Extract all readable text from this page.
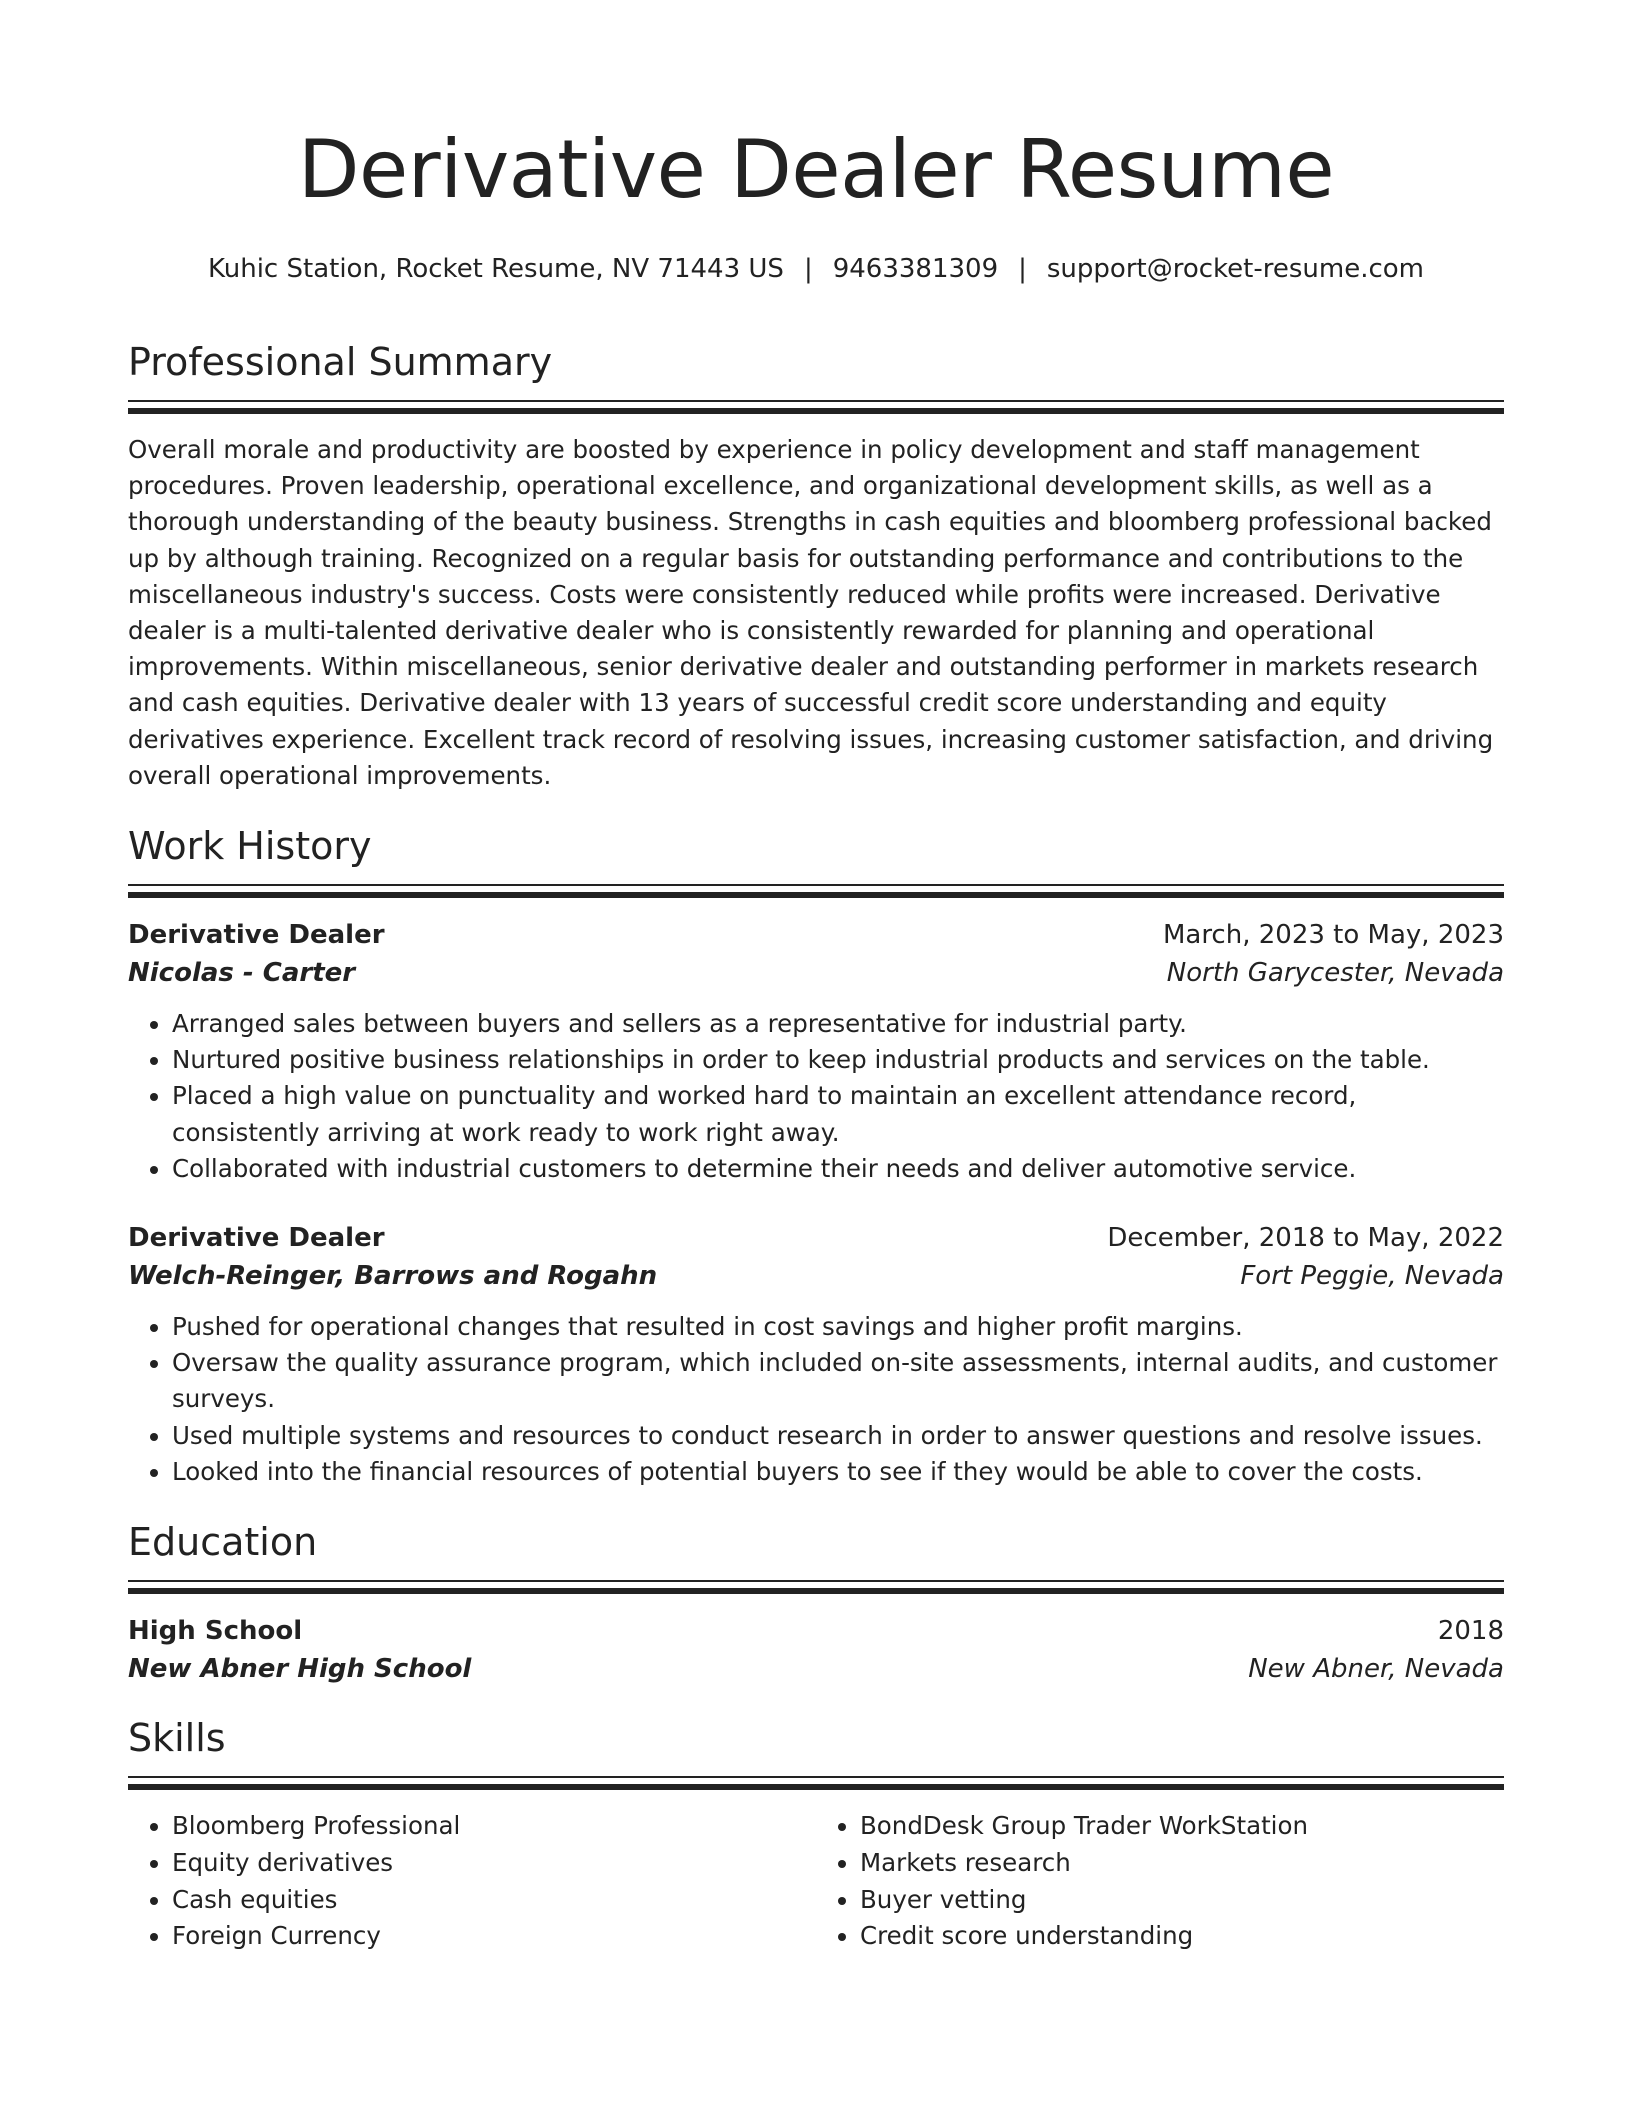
Derivative Dealer Resume
Kuhic Station, Rocket Resume, NV 71443 US | 9463381309 | support@rocket-resume.com
Professional Summary

Overall morale and productivity are boosted by experience in policy development and staff management procedures. Proven leadership, operational excellence, and organizational development skills, as well as a thorough understanding of the beauty business. Strengths in cash equities and bloomberg professional backed up by although training. Recognized on a regular basis for outstanding performance and contributions to the miscellaneous industry's success. Costs were consistently reduced while profits were increased. Derivative dealer is a multi-talented derivative dealer who is consistently rewarded for planning and operational improvements. Within miscellaneous, senior derivative dealer and outstanding performer in markets research and cash equities. Derivative dealer with 13 years of successful credit score understanding and equity derivatives experience. Excellent track record of resolving issues, increasing customer satisfaction, and driving overall operational improvements.

Work History
Derivative Dealer	March, 2023 to May, 2023
Nicolas - Carter	North Garycester, Nevada
• Arranged sales between buyers and sellers as a representative for industrial party.
• Nurtured positive business relationships in order to keep industrial products and services on the table.
• Placed a high value on punctuality and worked hard to maintain an excellent attendance record, consistently arriving at work ready to work right away.
• Collaborated with industrial customers to determine their needs and deliver automotive service.
Derivative Dealer	December, 2018 to May, 2022
Welch-Reinger, Barrows and Rogahn	Fort Peggie, Nevada
• Pushed for operational changes that resulted in cost savings and higher profit margins.
• Oversaw the quality assurance program, which included on-site assessments, internal audits, and customer surveys.
• Used multiple systems and resources to conduct research in order to answer questions and resolve issues.
• Looked into the financial resources of potential buyers to see if they would be able to cover the costs.
Education
High School	2018
New Abner High School	New Abner, Nevada
Skills
• Bloomberg Professional
• Equity derivatives
• Cash equities
• Foreign Currency
• BondDesk Group Trader WorkStation
• Markets research
• Buyer vetting
• Credit score understanding
